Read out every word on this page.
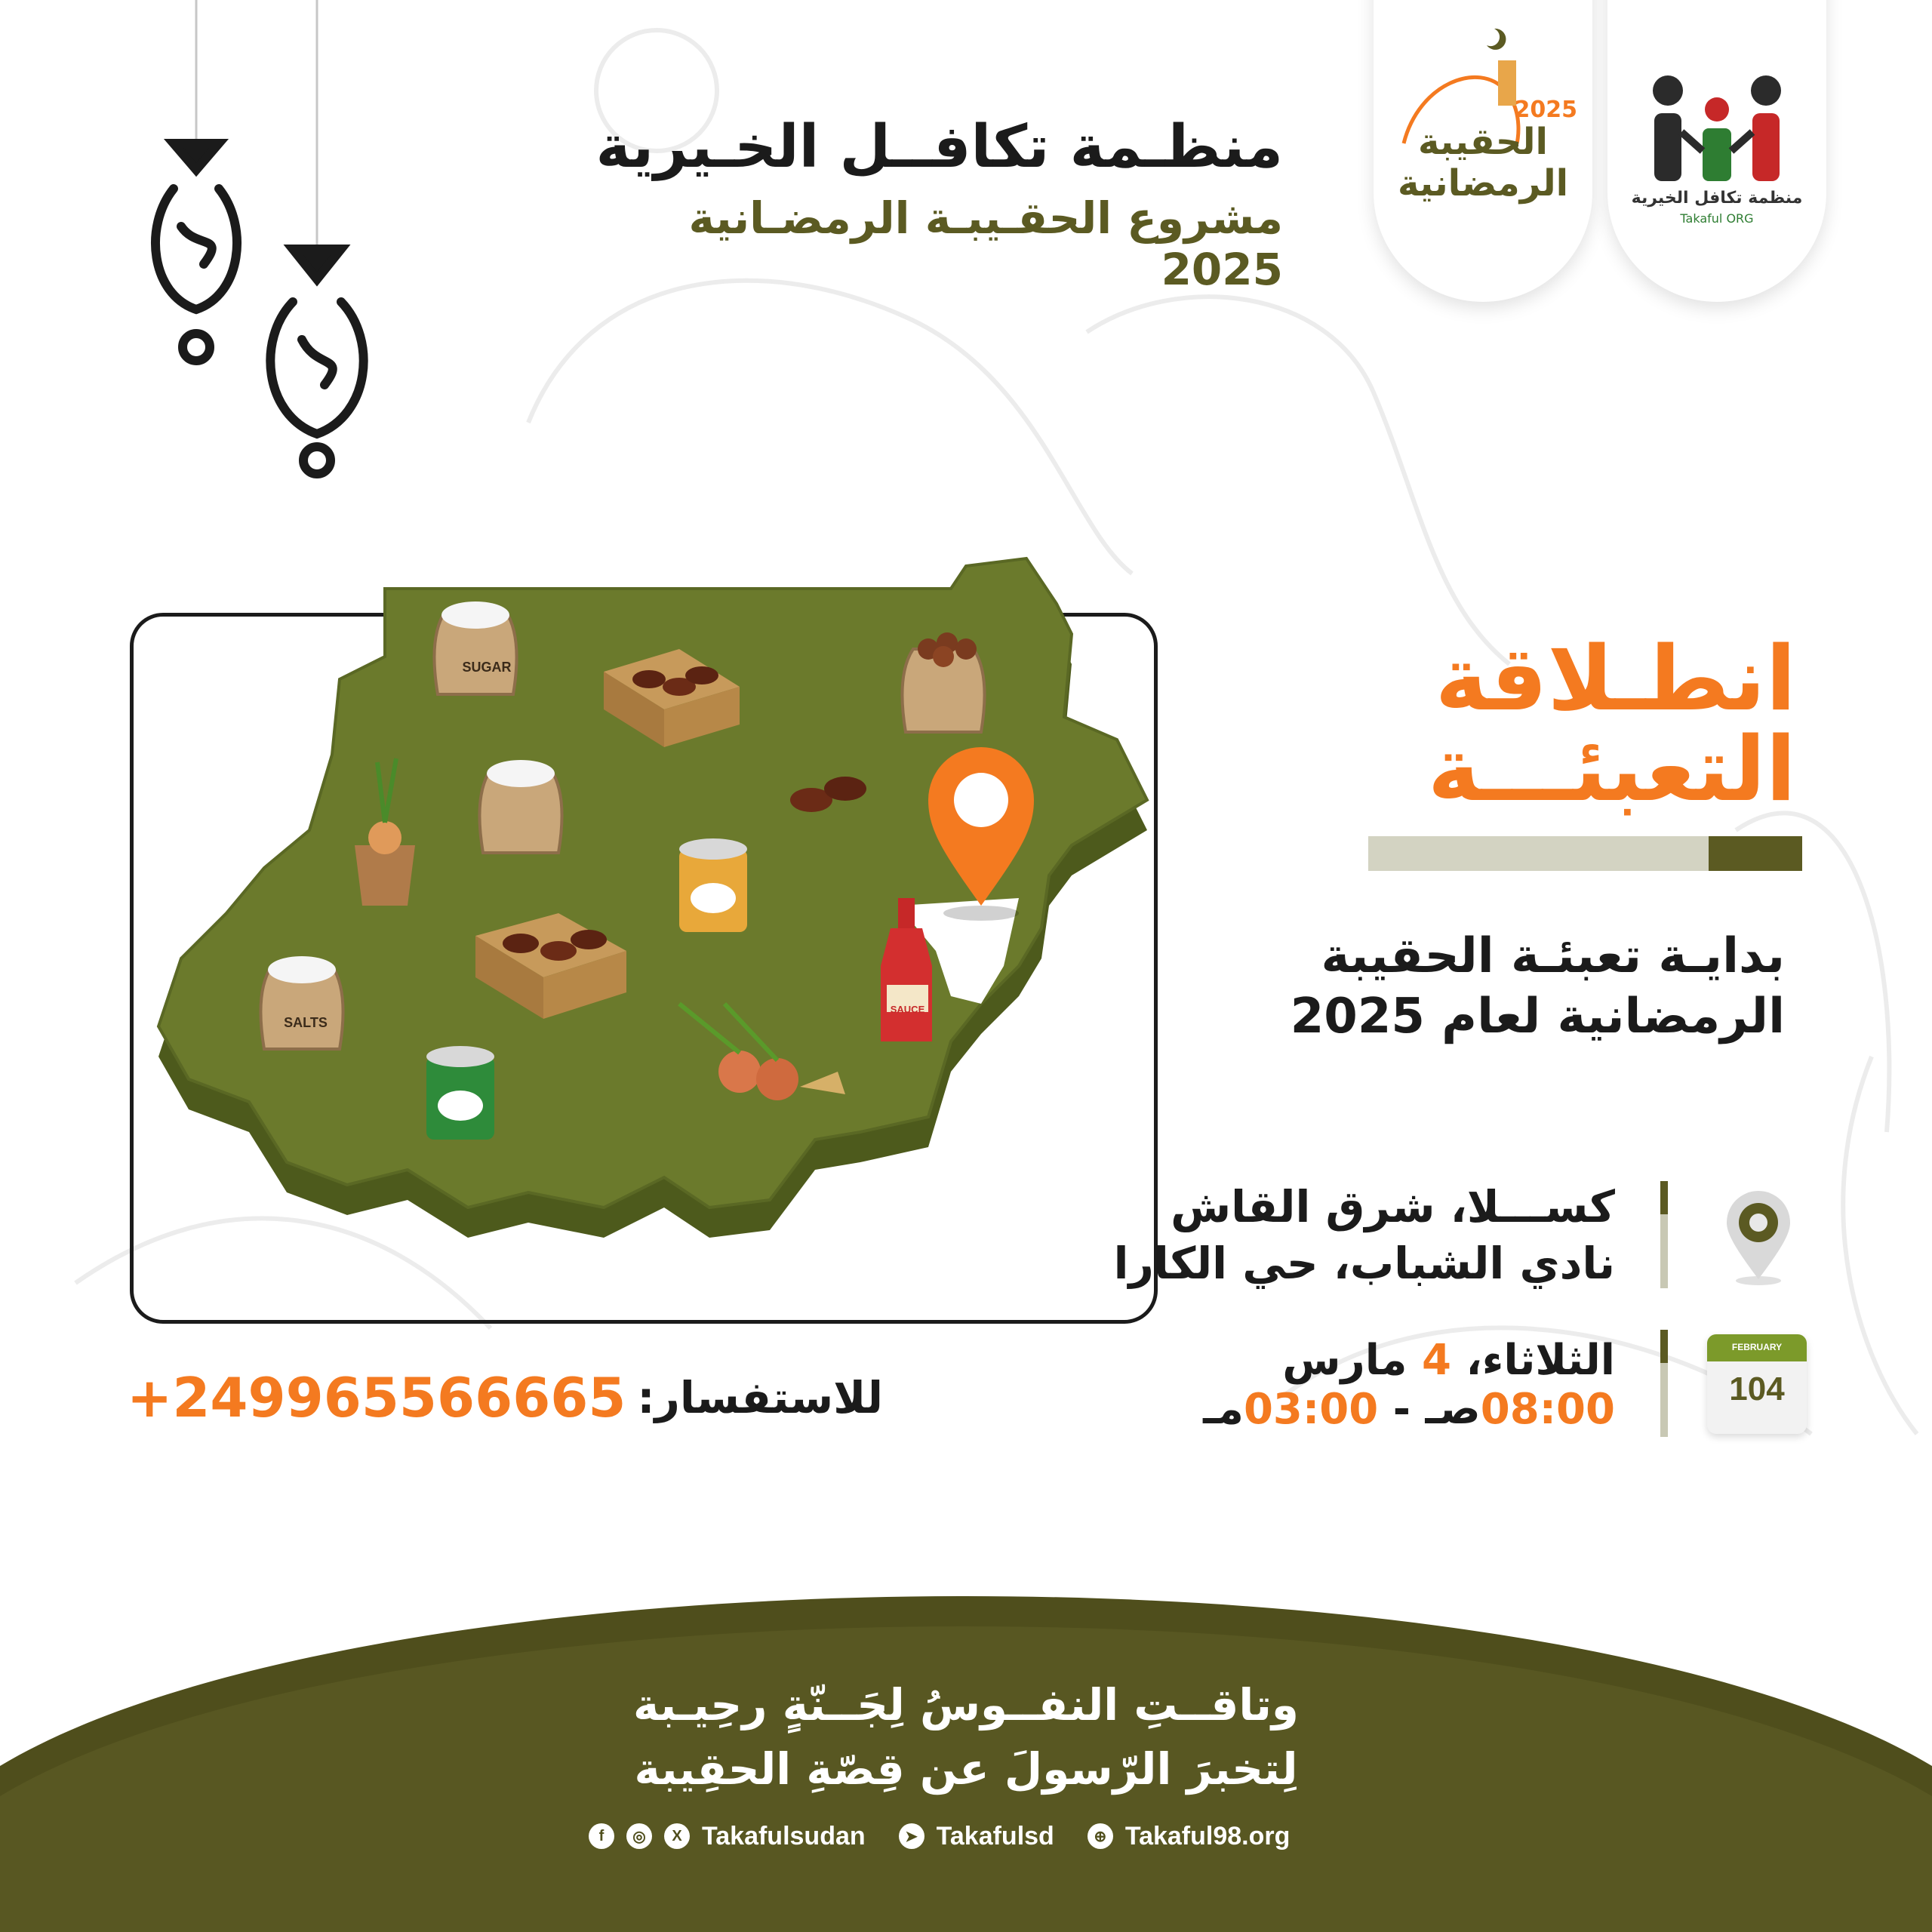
منظـمة تكافــل الخـيرية
مشروع الحقـيبـة الرمضـانية 2025
2025
الحقيبة
الرمضانية	منظمة تكافل الخيرية
Takaful ORG
SUGAR
SALTS
SAUCE
انطـلاقة
التعبئـــة
بدايـة تعبئـة الحقيبة
الرمضانية لعام 2025
كســـلا، شرق القاش
نادي الشباب، حي الكارا
الثلاثاء، 4 مارس
08:00صـ - 03:00مـ
FEBRUARY
104
للاستفسار:
+249965566665
وتاقــتِ النفــوسُ لِجَــنّةٍ رحِيـبة
لِتخبرَ الرّسولَ عن قِصّةِ الحقِيبة
f	◎	X Takafulsudan	➤ Takafulsd	⊕ Takaful98.org
